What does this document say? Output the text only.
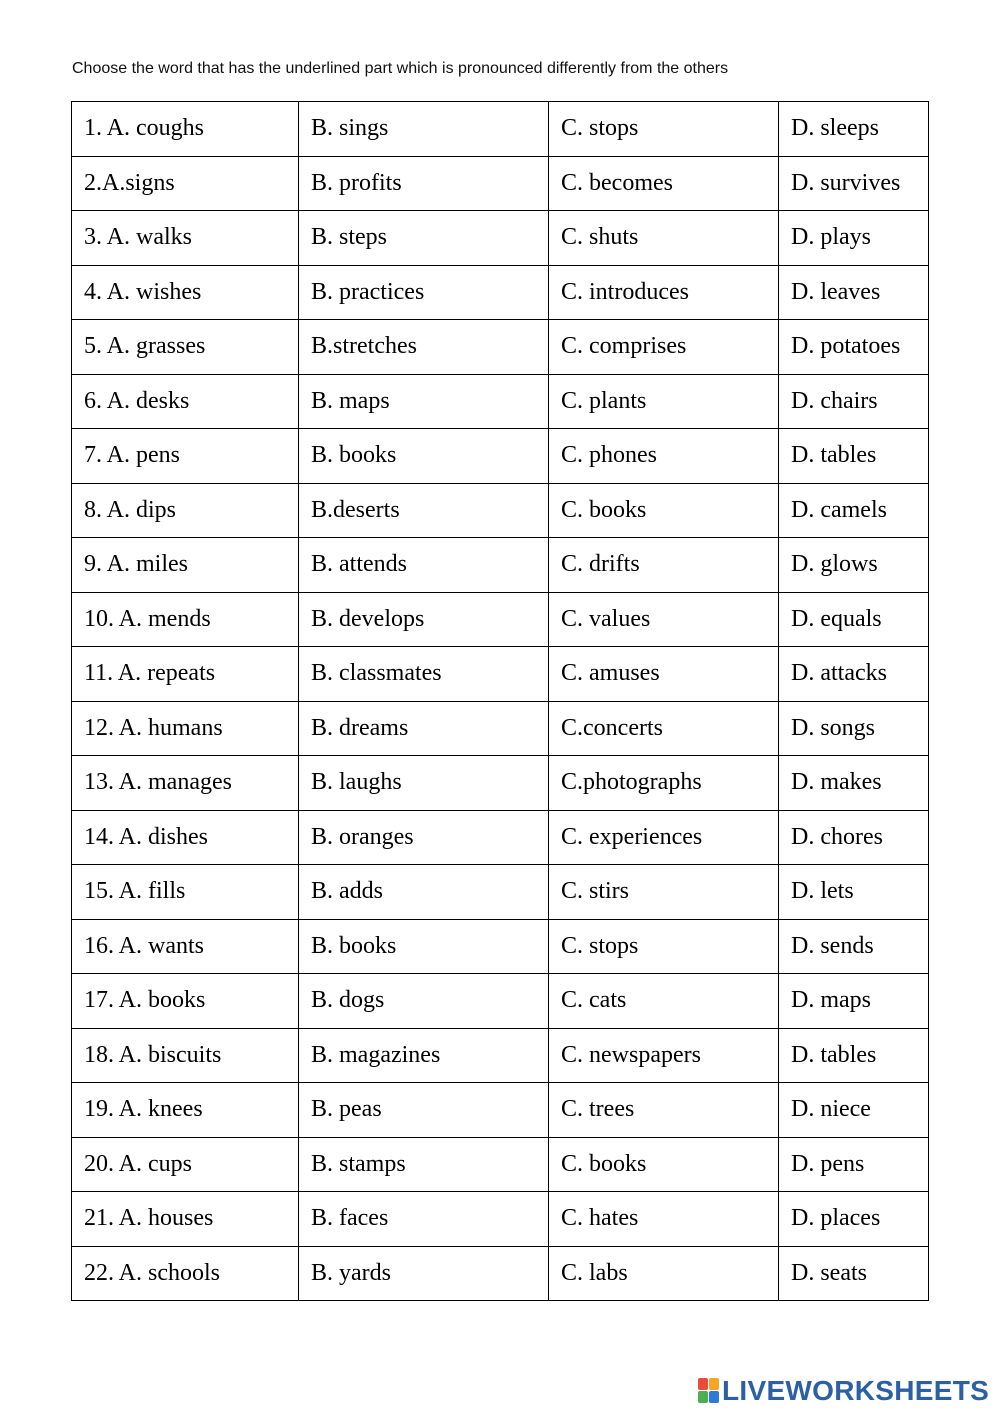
Choose the word that has the underlined part which is pronounced differently from the others
1. A. coughs	B. sings	C. stops	D. sleeps
2.A.signs	B. profits	C. becomes	D. survives
3. A. walks	B. steps	C. shuts	D. plays
4. A. wishes	B. practices	C. introduces	D. leaves
5. A. grasses	B.stretches	C. comprises	D. potatoes
6. A. desks	B. maps	C. plants	D. chairs
7. A. pens	B. books	C. phones	D. tables
8. A. dips	B.deserts	C. books	D. camels
9. A. miles	B. attends	C. drifts	D. glows
10. A. mends	B. develops	C. values	D. equals
11. A. repeats	B. classmates	C. amuses	D. attacks
12. A. humans	B. dreams	C.concerts	D. songs
13. A. manages	B. laughs	C.photographs	D. makes
14. A. dishes	B. oranges	C. experiences	D. chores
15. A. fills	B. adds	C. stirs	D. lets
16. A. wants	B. books	C. stops	D. sends
17. A. books	B. dogs	C. cats	D. maps
18. A. biscuits	B. magazines	C. newspapers	D. tables
19. A. knees	B. peas	C. trees	D. niece
20. A. cups	B. stamps	C. books	D. pens
21. A. houses	B. faces	C. hates	D. places
22. A. schools	B. yards	C. labs	D. seats
LIVEWORKSHEETS
